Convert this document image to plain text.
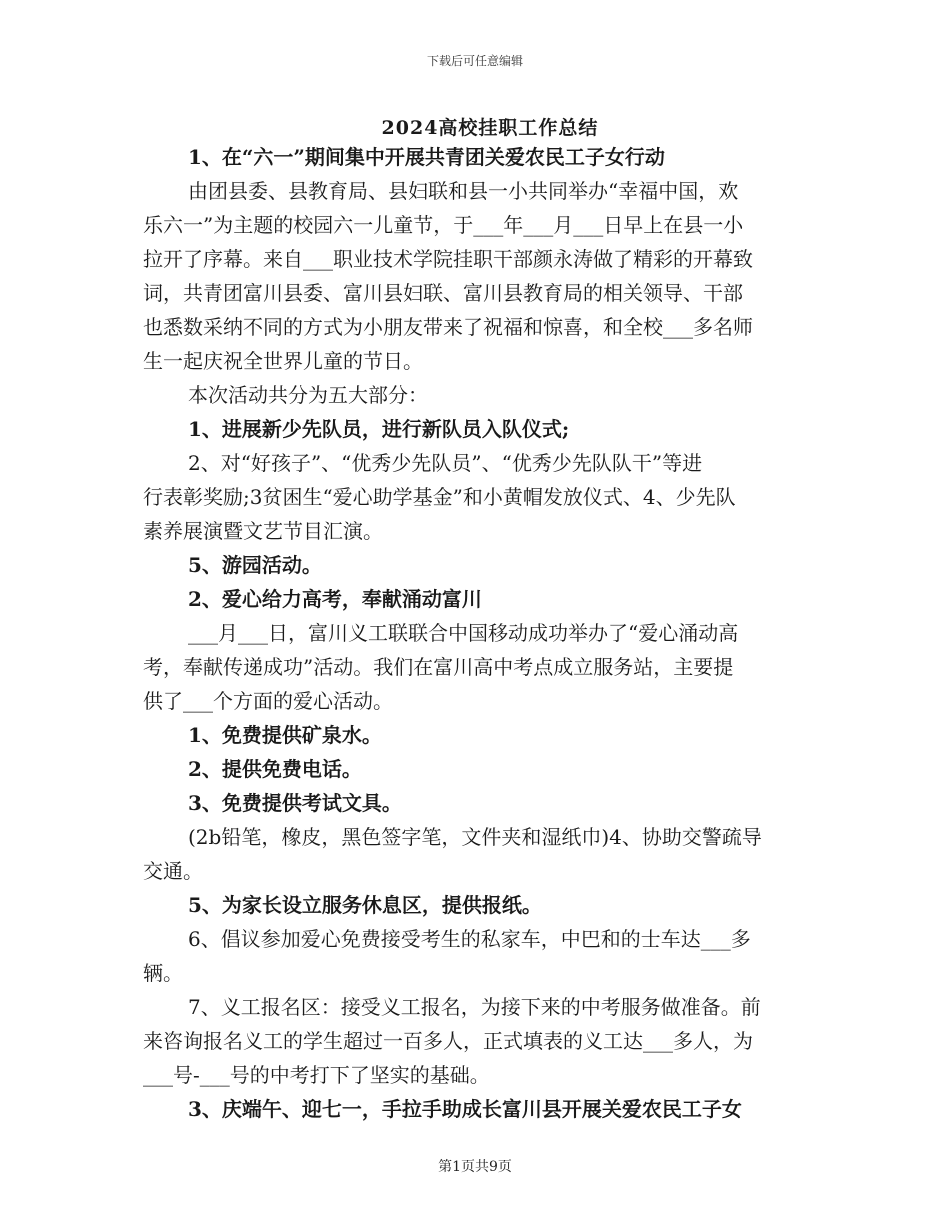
下载后可任意编辑
2024高校挂职工作总结
1、在“六一”期间集中开展共青团关爱农民工子女行动
由团县委、县教育局、县妇联和县一小共同举办“幸福中国，欢
乐六一”为主题的校园六一儿童节，于___年___月___日早上在县一小
拉开了序幕。来自___职业技术学院挂职干部颜永涛做了精彩的开幕致
词，共青团富川县委、富川县妇联、富川县教育局的相关领导、干部
也悉数采纳不同的方式为小朋友带来了祝福和惊喜，和全校___多名师
生一起庆祝全世界儿童的节日。
本次活动共分为五大部分：
1、进展新少先队员，进行新队员入队仪式;
2、对“好孩子”、“优秀少先队员”、“优秀少先队队干”等进
行表彰奖励;3贫困生“爱心助学基金”和小黄帽发放仪式、4、少先队
素养展演暨文艺节目汇演。
5、游园活动。
2、爱心给力高考，奉献涌动富川
___月___日，富川义工联联合中国移动成功举办了“爱心涌动高
考，奉献传递成功”活动。我们在富川高中考点成立服务站，主要提
供了___个方面的爱心活动。
1、免费提供矿泉水。
2、提供免费电话。
3、免费提供考试文具。
(2b铅笔，橡皮，黑色签字笔，文件夹和湿纸巾)4、协助交警疏导
交通。
5、为家长设立服务休息区，提供报纸。
6、倡议参加爱心免费接受考生的私家车，中巴和的士车达___多
辆。
7、义工报名区：接受义工报名，为接下来的中考服务做准备。前
来咨询报名义工的学生超过一百多人，正式填表的义工达___多人，为
___号-___号的中考打下了坚实的基础。
3、庆端午、迎七一，手拉手助成长富川县开展关爱农民工子女
第1页共9页
